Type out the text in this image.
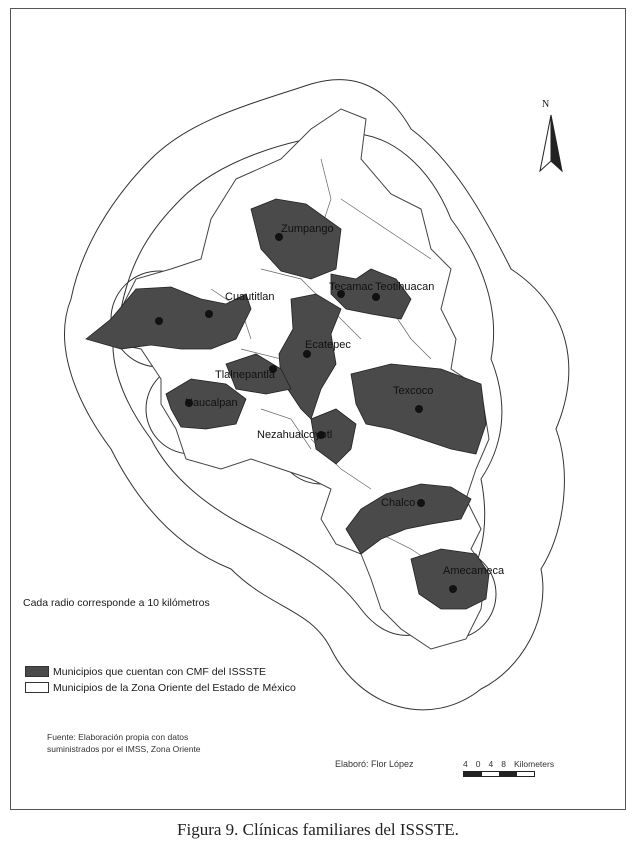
Zumpango
Cuautitlan
Tecamac Teotihuacan
Ecatepec
Tlalnepantla
Naucalpan
Texcoco
Nezahualcoyotl
Chalco
Amecameca
N
Cada radio corresponde a 10 kilómetros
Municipios que cuentan con CMF del ISSSTE
Municipios de la Zona Oriente del Estado de México
Fuente: Elaboración propia con datos
suministrados por el IMSS, Zona Oriente
Elaboró: Flor López	4 0 4 8 Kilometers
Figura 9. Clínicas familiares del ISSSTE.
